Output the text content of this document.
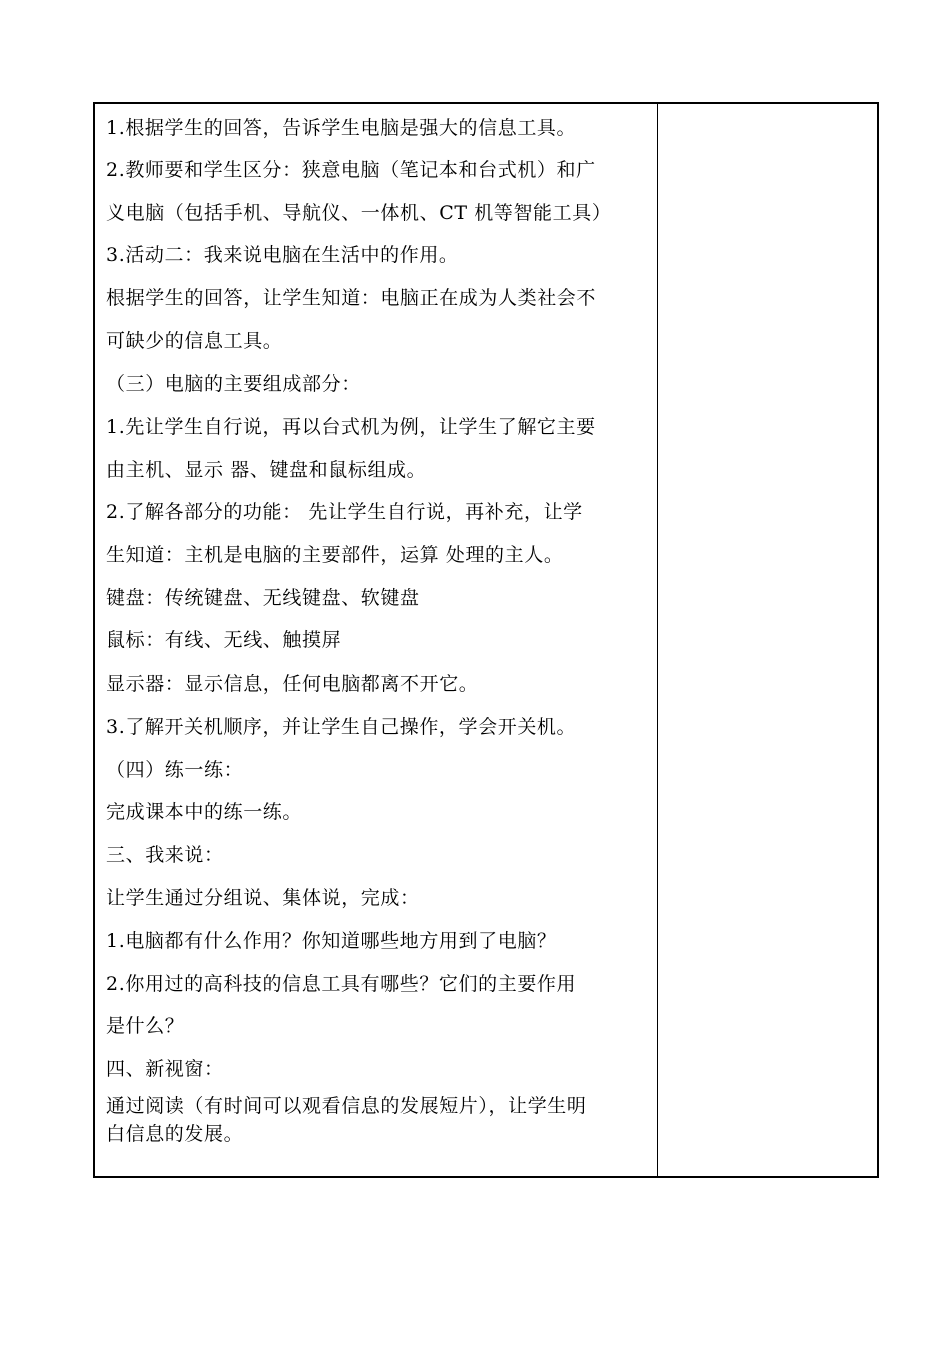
1.根据学生的回答，告诉学生电脑是强大的信息工具。
2.教师要和学生区分：狭意电脑（笔记本和台式机）和广
义电脑（包括手机、导航仪、一体机、CT 机等智能工具）
3.活动二：我来说电脑在生活中的作用。
根据学生的回答，让学生知道：电脑正在成为人类社会不
可缺少的信息工具。
（三）电脑的主要组成部分：
1.先让学生自行说，再以台式机为例，让学生了解它主要
由主机、显示 器、键盘和鼠标组成。
2.了解各部分的功能： 先让学生自行说，再补充，让学
生知道：主机是电脑的主要部件，运算 处理的主人。
键盘：传统键盘、无线键盘、软键盘
鼠标：有线、无线、触摸屏
显示器：显示信息，任何电脑都离不开它。
3.了解开关机顺序，并让学生自己操作，学会开关机。
（四）练一练：
完成课本中的练一练。
三、我来说：
让学生通过分组说、集体说，完成：
1.电脑都有什么作用？你知道哪些地方用到了电脑？
2.你用过的高科技的信息工具有哪些？它们的主要作用
是什么？
四、新视窗：
通过阅读（有时间可以观看信息的发展短片），让学生明
白信息的发展。
